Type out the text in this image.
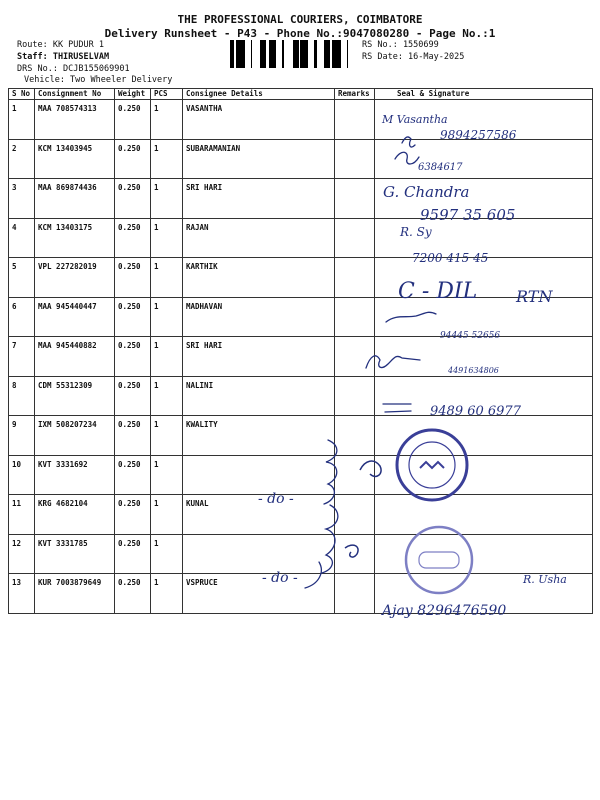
THE PROFESSIONAL COURIERS, COIMBATORE
Delivery Runsheet - P43 - Phone No.:9047080280 - Page No.:1
Route: KK PUDUR 1
Staff: THIRUSELVAM
DRS No.: DCJB155069901
Vehicle: Two Wheeler Delivery
RS No.: 1550699
RS Date: 16-May-2025
S No	Consignment No	Weight	PCS	Consignee Details	Remarks	Seal & Signature
1	MAA 708574313	0.250	1	VASANTHA		
2	KCM 13403945	0.250	1	SUBARAMANIAN		
3	MAA 869874436	0.250	1	SRI HARI		
4	KCM 13403175	0.250	1	RAJAN		
5	VPL 227282019	0.250	1	KARTHIK		
6	MAA 945440447	0.250	1	MADHAVAN		
7	MAA 945440882	0.250	1	SRI HARI		
8	CDM 55312309	0.250	1	NALINI		
9	IXM 508207234	0.250	1	KWALITY		
10	KVT 3331692	0.250	1			
11	KRG 4682104	0.250	1	KUNAL		
12	KVT 3331785	0.250	1			
13	KUR 7003879649	0.250	1	VSPRUCE		
M Vasantha
9894257586
6384617
G. Chandra
9597 35 605
R. Sy
7200 415 45
C - DIL RTN
94445 52656
4491634806
9489 60 6977
- do -
- do -	R. Usha
Ajay 8296476590
